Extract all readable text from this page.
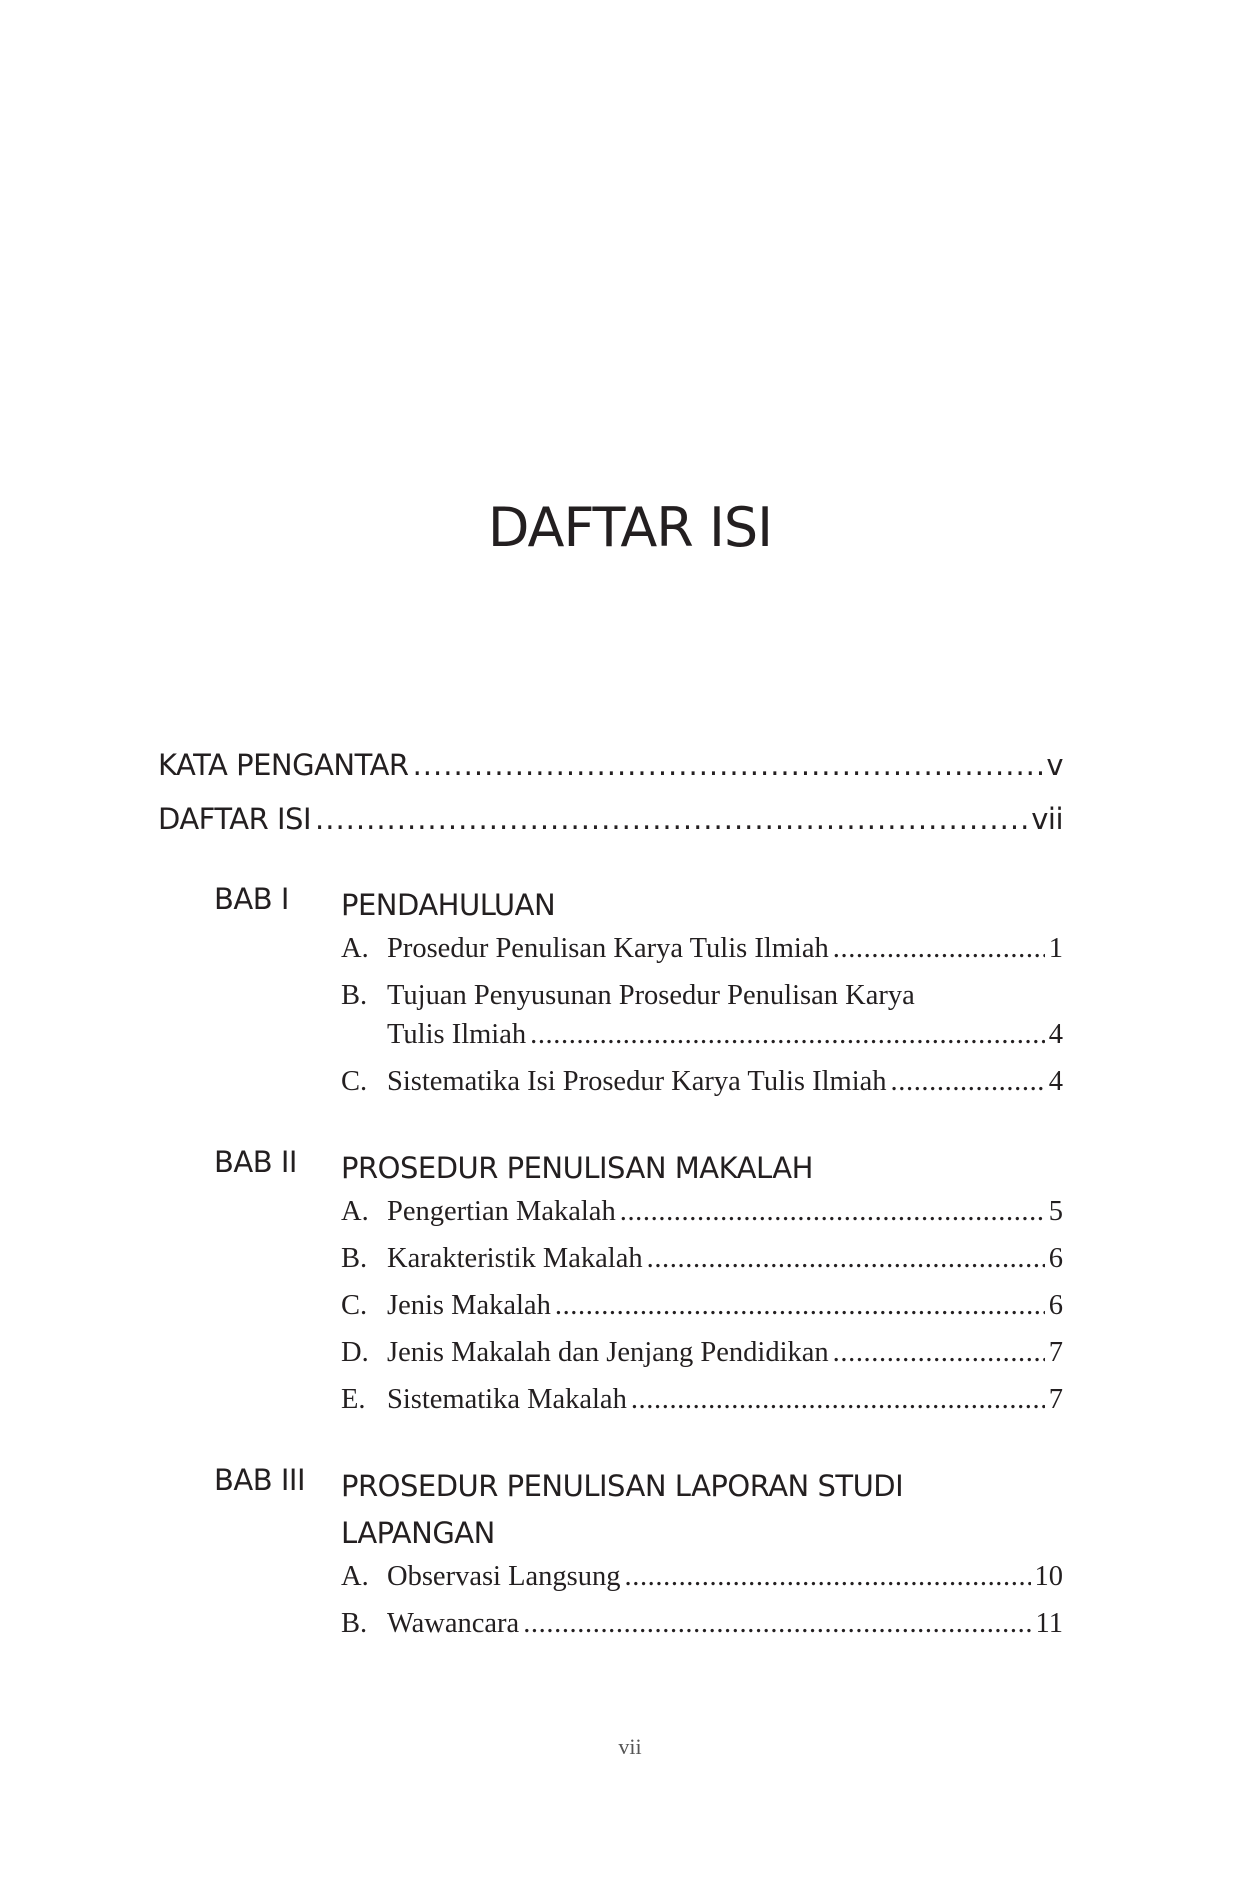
DAFTAR ISI
KATA PENGANTAR .....	v
DAFTAR ISI .....	vii
BAB I PENDAHULUAN
A. Prosedur Penulisan Karya Tulis Ilmiah .....	1
B. Tujuan Penyusunan Prosedur Penulisan Karya
Tulis Ilmiah .....	4
C. Sistematika Isi Prosedur Karya Tulis Ilmiah .....	4
BAB II PROSEDUR PENULISAN MAKALAH
A. Pengertian Makalah .....	5
B. Karakteristik Makalah .....	6
C. Jenis Makalah .....	6
D. Jenis Makalah dan Jenjang Pendidikan .....	7
E. Sistematika Makalah .....	7
BAB III PROSEDUR PENULISAN LAPORAN STUDI LAPANGAN
A. Observasi Langsung .....	10
B. Wawancara .....	11
vii
